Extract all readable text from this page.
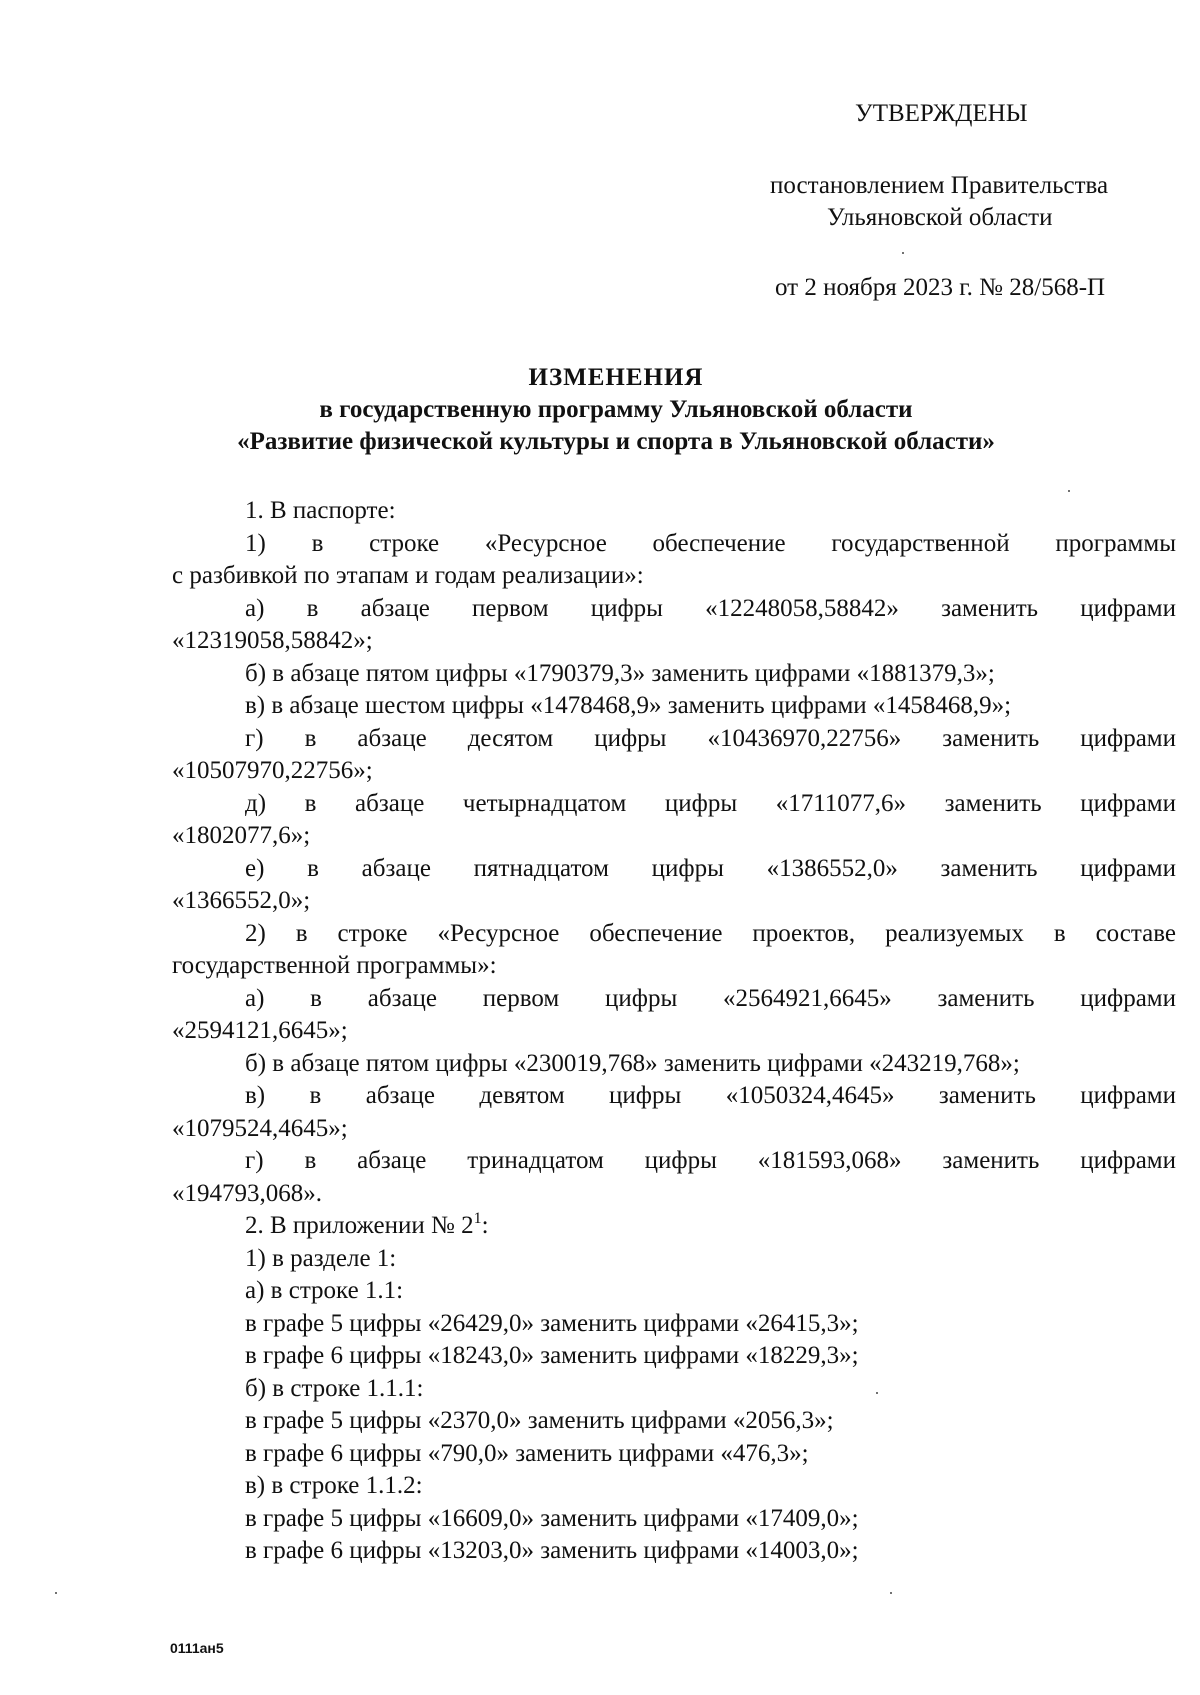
УТВЕРЖДЕНЫ
постановлением Правительства
Ульяновской области
от 2 ноября 2023 г. № 28/568-П
ИЗМЕНЕНИЯ
в государственную программу Ульяновской области
«Развитие физической культуры и спорта в Ульяновской области»
1. В паспорте:
1) в строке «Ресурсное обеспечение государственной программы
с разбивкой по этапам и годам реализации»:
а) в абзаце первом цифры «12248058,58842» заменить цифрами
«12319058,58842»;
б) в абзаце пятом цифры «1790379,3» заменить цифрами «1881379,3»;
в) в абзаце шестом цифры «1478468,9» заменить цифрами «1458468,9»;
г) в абзаце десятом цифры «10436970,22756» заменить цифрами
«10507970,22756»;
д) в абзаце четырнадцатом цифры «1711077,6» заменить цифрами
«1802077,6»;
е) в абзаце пятнадцатом цифры «1386552,0» заменить цифрами
«1366552,0»;
2) в строке «Ресурсное обеспечение проектов, реализуемых в составе
государственной программы»:
а) в абзаце первом цифры «2564921,6645» заменить цифрами
«2594121,6645»;
б) в абзаце пятом цифры «230019,768» заменить цифрами «243219,768»;
в) в абзаце девятом цифры «1050324,4645» заменить цифрами
«1079524,4645»;
г) в абзаце тринадцатом цифры «181593,068» заменить цифрами
«194793,068».
2. В приложении № $2^1$:
1) в разделе 1:
а) в строке 1.1:
в графе 5 цифры «26429,0» заменить цифрами «26415,3»;
в графе 6 цифры «18243,0» заменить цифрами «18229,3»;
б) в строке 1.1.1:
в графе 5 цифры «2370,0» заменить цифрами «2056,3»;
в графе 6 цифры «790,0» заменить цифрами «476,3»;
в) в строке 1.1.2:
в графе 5 цифры «16609,0» заменить цифрами «17409,0»;
в графе 6 цифры «13203,0» заменить цифрами «14003,0»;
0111ан5
